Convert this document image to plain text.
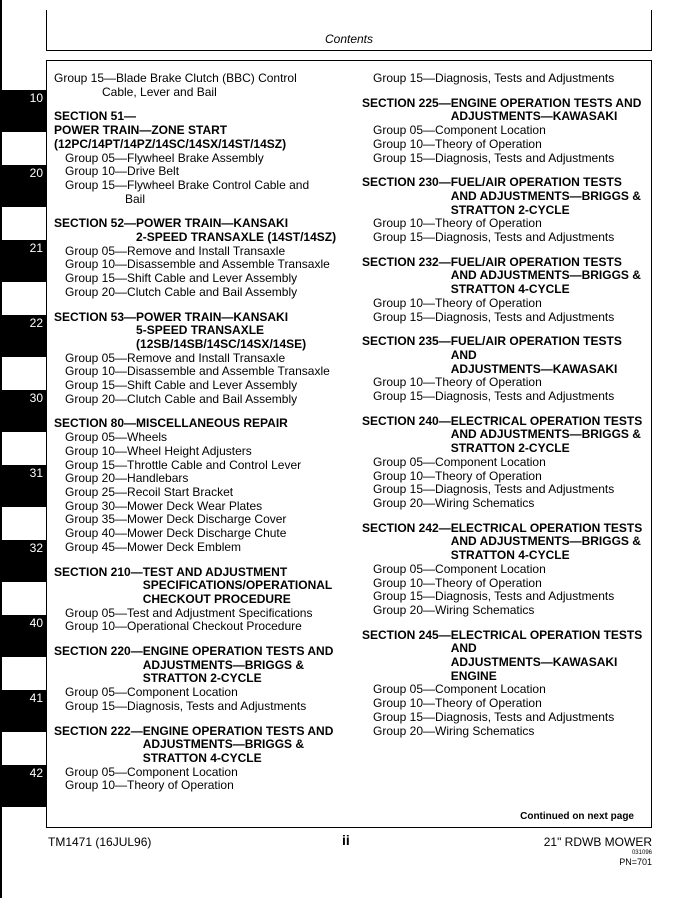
10
20
21
22
30
31
32
40
41
42
Contents
Group 15—Blade Brake Clutch (BBC) Control
Cable, Lever and Bail
SECTION 51—
POWER TRAIN—ZONE START
(12PC/14PT/14PZ/14SC/14SX/14ST/14SZ)
Group 05—Flywheel Brake Assembly
Group 10—Drive Belt
Group 15—Flywheel Brake Control Cable and
Bail
SECTION 52— POWER TRAIN—KANSAKI
2-SPEED TRANSAXLE (14ST/14SZ)
Group 05—Remove and Install Transaxle
Group 10—Disassemble and Assemble Transaxle
Group 15—Shift Cable and Lever Assembly
Group 20—Clutch Cable and Bail Assembly
SECTION 53— POWER TRAIN—KANSAKI
5-SPEED TRANSAXLE
(12SB/14SB/14SC/14SX/14SE)
Group 05—Remove and Install Transaxle
Group 10—Disassemble and Assemble Transaxle
Group 15—Shift Cable and Lever Assembly
Group 20—Clutch Cable and Bail Assembly
SECTION 80— MISCELLANEOUS REPAIR
Group 05—Wheels
Group 10—Wheel Height Adjusters
Group 15—Throttle Cable and Control Lever
Group 20—Handlebars
Group 25—Recoil Start Bracket
Group 30—Mower Deck Wear Plates
Group 35—Mower Deck Discharge Cover
Group 40—Mower Deck Discharge Chute
Group 45—Mower Deck Emblem
SECTION 210— TEST AND ADJUSTMENT
SPECIFICATIONS/OPERATIONAL
CHECKOUT PROCEDURE
Group 05—Test and Adjustment Specifications
Group 10—Operational Checkout Procedure
SECTION 220— ENGINE OPERATION TESTS AND
ADJUSTMENTS—BRIGGS &
STRATTON 2-CYCLE
Group 05—Component Location
Group 15—Diagnosis, Tests and Adjustments
SECTION 222— ENGINE OPERATION TESTS AND
ADJUSTMENTS—BRIGGS &
STRATTON 4-CYCLE
Group 05—Component Location
Group 10—Theory of Operation
Group 15—Diagnosis, Tests and Adjustments
SECTION 225— ENGINE OPERATION TESTS AND
ADJUSTMENTS—KAWASAKI
Group 05—Component Location
Group 10—Theory of Operation
Group 15—Diagnosis, Tests and Adjustments
SECTION 230— FUEL/AIR OPERATION TESTS
AND ADJUSTMENTS—BRIGGS &
STRATTON 2-CYCLE
Group 10—Theory of Operation
Group 15—Diagnosis, Tests and Adjustments
SECTION 232— FUEL/AIR OPERATION TESTS
AND ADJUSTMENTS—BRIGGS &
STRATTON 4-CYCLE
Group 10—Theory of Operation
Group 15—Diagnosis, Tests and Adjustments
SECTION 235— FUEL/AIR OPERATION TESTS
AND
ADJUSTMENTS—KAWASAKI
Group 10—Theory of Operation
Group 15—Diagnosis, Tests and Adjustments
SECTION 240— ELECTRICAL OPERATION TESTS
AND ADJUSTMENTS—BRIGGS &
STRATTON 2-CYCLE
Group 05—Component Location
Group 10—Theory of Operation
Group 15—Diagnosis, Tests and Adjustments
Group 20—Wiring Schematics
SECTION 242— ELECTRICAL OPERATION TESTS
AND ADJUSTMENTS—BRIGGS &
STRATTON 4-CYCLE
Group 05—Component Location
Group 10—Theory of Operation
Group 15—Diagnosis, Tests and Adjustments
Group 20—Wiring Schematics
SECTION 245— ELECTRICAL OPERATION TESTS
AND
ADJUSTMENTS—KAWASAKI
ENGINE
Group 05—Component Location
Group 10—Theory of Operation
Group 15—Diagnosis, Tests and Adjustments
Group 20—Wiring Schematics
Continued on next page
TM1471 (16JUL96)	ii	21" RDWB MOWER
031096
PN=701
